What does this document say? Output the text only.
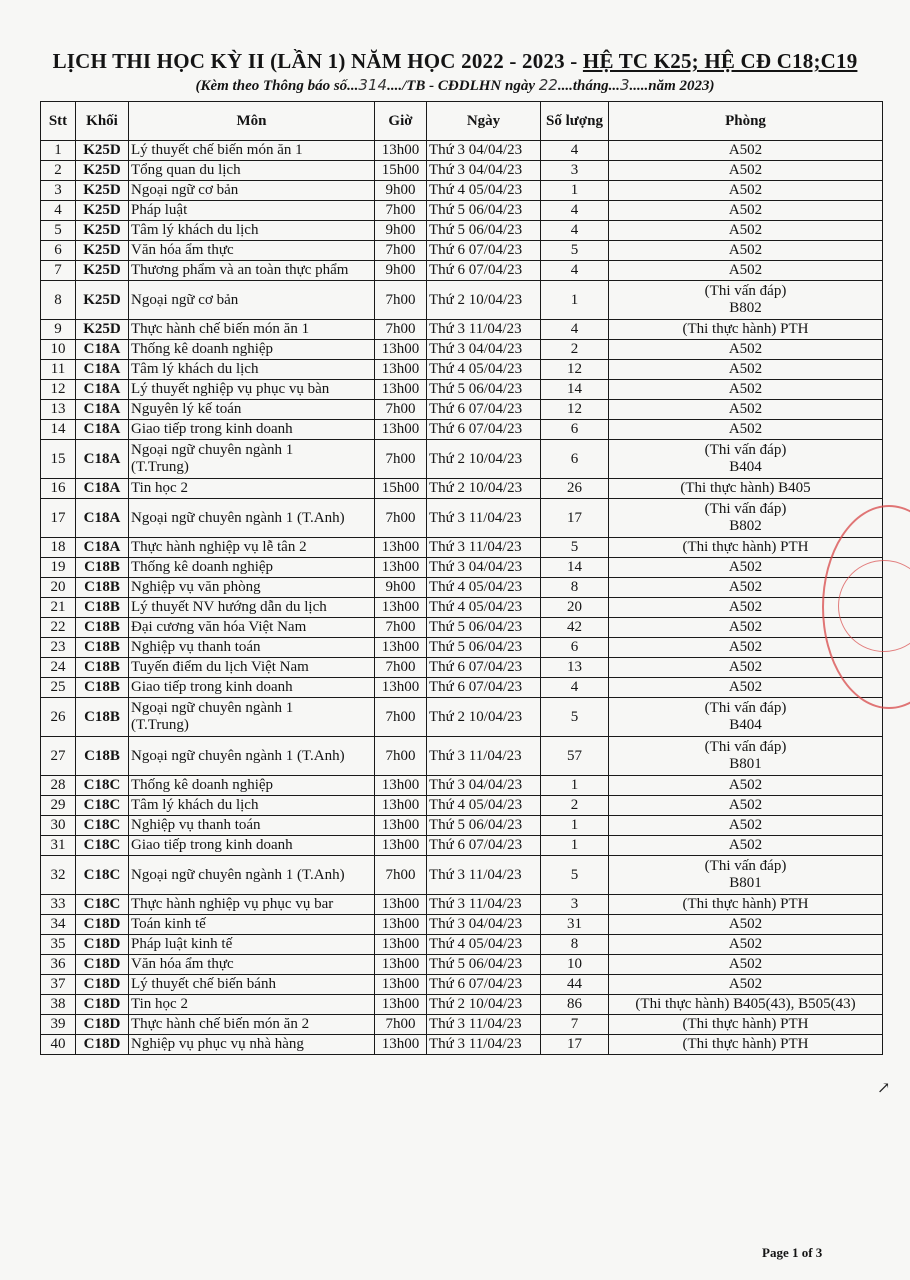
LỊCH THI HỌC KỲ II (LẦN 1) NĂM HỌC 2022 - 2023 - HỆ TC K25; HỆ CĐ C18;C19
(Kèm theo Thông báo số...314..../TB - CĐDLHN ngày 22....tháng...3.....năm 2023)
Stt	Khối	Môn	Giờ	Ngày	Số lượng	Phòng
1	K25D	Lý thuyết chế biến món ăn 1	13h00	Thứ 3 04/04/23	4	A502
2	K25D	Tổng quan du lịch	15h00	Thứ 3 04/04/23	3	A502
3	K25D	Ngoại ngữ cơ bản	9h00	Thứ 4 05/04/23	1	A502
4	K25D	Pháp luật	7h00	Thứ 5 06/04/23	4	A502
5	K25D	Tâm lý khách du lịch	9h00	Thứ 5 06/04/23	4	A502
6	K25D	Văn hóa ẩm thực	7h00	Thứ 6 07/04/23	5	A502
7	K25D	Thương phẩm và an toàn thực phẩm	9h00	Thứ 6 07/04/23	4	A502
8	K25D	Ngoại ngữ cơ bản	7h00	Thứ 2 10/04/23	1	(Thi vấn đáp)
B802
9	K25D	Thực hành chế biến món ăn 1	7h00	Thứ 3 11/04/23	4	(Thi thực hành) PTH
10	C18A	Thống kê doanh nghiệp	13h00	Thứ 3 04/04/23	2	A502
11	C18A	Tâm lý khách du lịch	13h00	Thứ 4 05/04/23	12	A502
12	C18A	Lý thuyết nghiệp vụ phục vụ bàn	13h00	Thứ 5 06/04/23	14	A502
13	C18A	Nguyên lý kế toán	7h00	Thứ 6 07/04/23	12	A502
14	C18A	Giao tiếp trong kinh doanh	13h00	Thứ 6 07/04/23	6	A502
15	C18A	Ngoại ngữ chuyên ngành 1
(T.Trung)	7h00	Thứ 2 10/04/23	6	(Thi vấn đáp)
B404
16	C18A	Tin học 2	15h00	Thứ 2 10/04/23	26	(Thi thực hành) B405
17	C18A	Ngoại ngữ chuyên ngành 1 (T.Anh)	7h00	Thứ 3 11/04/23	17	(Thi vấn đáp)
B802
18	C18A	Thực hành nghiệp vụ lễ tân 2	13h00	Thứ 3 11/04/23	5	(Thi thực hành) PTH
19	C18B	Thống kê doanh nghiệp	13h00	Thứ 3 04/04/23	14	A502
20	C18B	Nghiệp vụ văn phòng	9h00	Thứ 4 05/04/23	8	A502
21	C18B	Lý thuyết NV hướng dẫn du lịch	13h00	Thứ 4 05/04/23	20	A502
22	C18B	Đại cương văn hóa Việt Nam	7h00	Thứ 5 06/04/23	42	A502
23	C18B	Nghiệp vụ thanh toán	13h00	Thứ 5 06/04/23	6	A502
24	C18B	Tuyến điểm du lịch Việt Nam	7h00	Thứ 6 07/04/23	13	A502
25	C18B	Giao tiếp trong kinh doanh	13h00	Thứ 6 07/04/23	4	A502
26	C18B	Ngoại ngữ chuyên ngành 1
(T.Trung)	7h00	Thứ 2 10/04/23	5	(Thi vấn đáp)
B404
27	C18B	Ngoại ngữ chuyên ngành 1 (T.Anh)	7h00	Thứ 3 11/04/23	57	(Thi vấn đáp)
B801
28	C18C	Thống kê doanh nghiệp	13h00	Thứ 3 04/04/23	1	A502
29	C18C	Tâm lý khách du lịch	13h00	Thứ 4 05/04/23	2	A502
30	C18C	Nghiệp vụ thanh toán	13h00	Thứ 5 06/04/23	1	A502
31	C18C	Giao tiếp trong kinh doanh	13h00	Thứ 6 07/04/23	1	A502
32	C18C	Ngoại ngữ chuyên ngành 1 (T.Anh)	7h00	Thứ 3 11/04/23	5	(Thi vấn đáp)
B801
33	C18C	Thực hành nghiệp vụ phục vụ bar	13h00	Thứ 3 11/04/23	3	(Thi thực hành) PTH
34	C18D	Toán kinh tế	13h00	Thứ 3 04/04/23	31	A502
35	C18D	Pháp luật kinh tế	13h00	Thứ 4 05/04/23	8	A502
36	C18D	Văn hóa ẩm thực	13h00	Thứ 5 06/04/23	10	A502
37	C18D	Lý thuyết chế biến bánh	13h00	Thứ 6 07/04/23	44	A502
38	C18D	Tin học 2	13h00	Thứ 2 10/04/23	86	(Thi thực hành) B405(43), B505(43)
39	C18D	Thực hành chế biến món ăn 2	7h00	Thứ 3 11/04/23	7	(Thi thực hành) PTH
40	C18D	Nghiệp vụ phục vụ nhà hàng	13h00	Thứ 3 11/04/23	17	(Thi thực hành) PTH
↗
Page 1 of 3
